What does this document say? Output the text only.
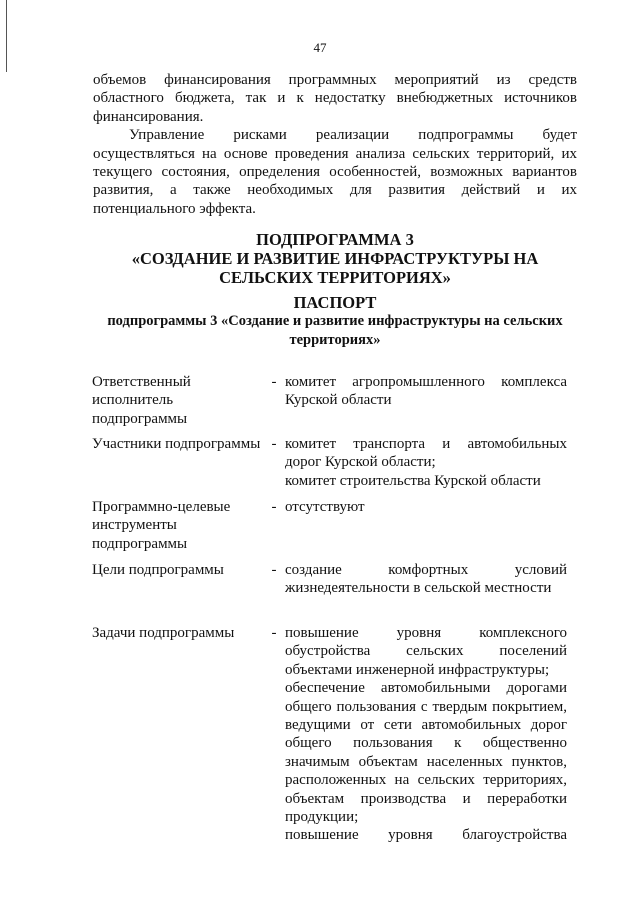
47

объемов финансирования программных мероприятий из средств областного бюджета, так и к недостатку внебюджетных источников финансирования.

Управление рисками реализации подпрограммы будет осуществляться на основе проведения анализа сельских территорий, их текущего состояния, определения особенностей, возможных вариантов развития, а также необходимых для развития действий и их потенциального эффекта.

ПОДПРОГРАММА 3
«СОЗДАНИЕ И РАЗВИТИЕ ИНФРАСТРУКТУРЫ НА СЕЛЬСКИХ ТЕРРИТОРИЯХ»
ПАСПОРТ
подпрограммы 3 «Создание и развитие инфраструктуры на сельских территориях»
Ответственный исполнитель подпрограммы
- комитет агропромышленного комплекса
Курской области
Участники подпрограммы - комитет транспорта и автомобильных
дорог Курской области;
комитет строительства Курской области
Программно-целевые инструменты подпрограммы
- отсутствуют
Цели подпрограммы	- создание комфортных условий
жизнедеятельности в сельской местности
Задачи подпрограммы	- повышение уровня комплексного
обустройства сельских поселений
объектами инженерной инфраструктуры;
обеспечение автомобильными дорогами
общего пользования с твердым покрытием,
ведущими от сети автомобильных дорог
общего пользования к общественно
значимым объектам населенных пунктов,
расположенных на сельских территориях,
объектам производства и переработки
продукции;
повышение уровня благоустройства
